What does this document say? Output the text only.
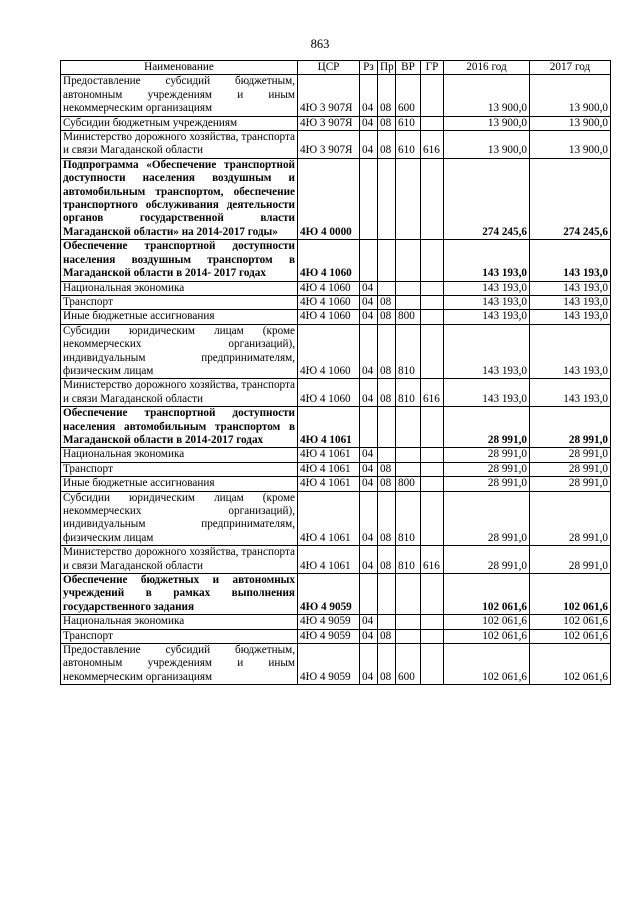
863
Наименование	ЦСР	Рз	Пр	ВР	ГР	2016 год	2017 год
Предоставление субсидий бюджетным, автономным учреждениям и иным некоммерческим организациям	4Ю 3 907Я	04	08	600		13 900,0	13 900,0
Субсидии бюджетным учреждениям	4Ю 3 907Я	04	08	610		13 900,0	13 900,0
Министерство дорожного хозяйства, транспорта и связи Магаданской области	4Ю 3 907Я	04	08	610	616	13 900,0	13 900,0
Подпрограмма «Обеспечение транспортной доступности населения воздушным и автомобильным транспортом, обеспечение транспортного обслуживания деятельности органов государственной власти Магаданской области» на 2014-2017 годы»	4Ю 4 0000					274 245,6	274 245,6
Обеспечение транспортной доступности населения воздушным транспортом в Магаданской области в 2014- 2017 годах	4Ю 4 1060					143 193,0	143 193,0
Национальная экономика	4Ю 4 1060	04				143 193,0	143 193,0
Транспорт	4Ю 4 1060	04	08			143 193,0	143 193,0
Иные бюджетные ассигнования	4Ю 4 1060	04	08	800		143 193,0	143 193,0
Субсидии юридическим лицам (кроме некоммерческих организаций), индивидуальным предпринимателям, физическим лицам	4Ю 4 1060	04	08	810		143 193,0	143 193,0
Министерство дорожного хозяйства, транспорта и связи Магаданской области	4Ю 4 1060	04	08	810	616	143 193,0	143 193,0
Обеспечение транспортной доступности населения автомобильным транспортом в Магаданской области в 2014-2017 годах	4Ю 4 1061					28 991,0	28 991,0
Национальная экономика	4Ю 4 1061	04				28 991,0	28 991,0
Транспорт	4Ю 4 1061	04	08			28 991,0	28 991,0
Иные бюджетные ассигнования	4Ю 4 1061	04	08	800		28 991,0	28 991,0
Субсидии юридическим лицам (кроме некоммерческих организаций), индивидуальным предпринимателям, физическим лицам	4Ю 4 1061	04	08	810		28 991,0	28 991,0
Министерство дорожного хозяйства, транспорта и связи Магаданской области	4Ю 4 1061	04	08	810	616	28 991,0	28 991,0
Обеспечение бюджетных и автономных учреждений в рамках выполнения государственного задания	4Ю 4 9059					102 061,6	102 061,6
Национальная экономика	4Ю 4 9059	04				102 061,6	102 061,6
Транспорт	4Ю 4 9059	04	08			102 061,6	102 061,6
Предоставление субсидий бюджетным, автономным учреждениям и иным некоммерческим организациям	4Ю 4 9059	04	08	600		102 061,6	102 061,6
